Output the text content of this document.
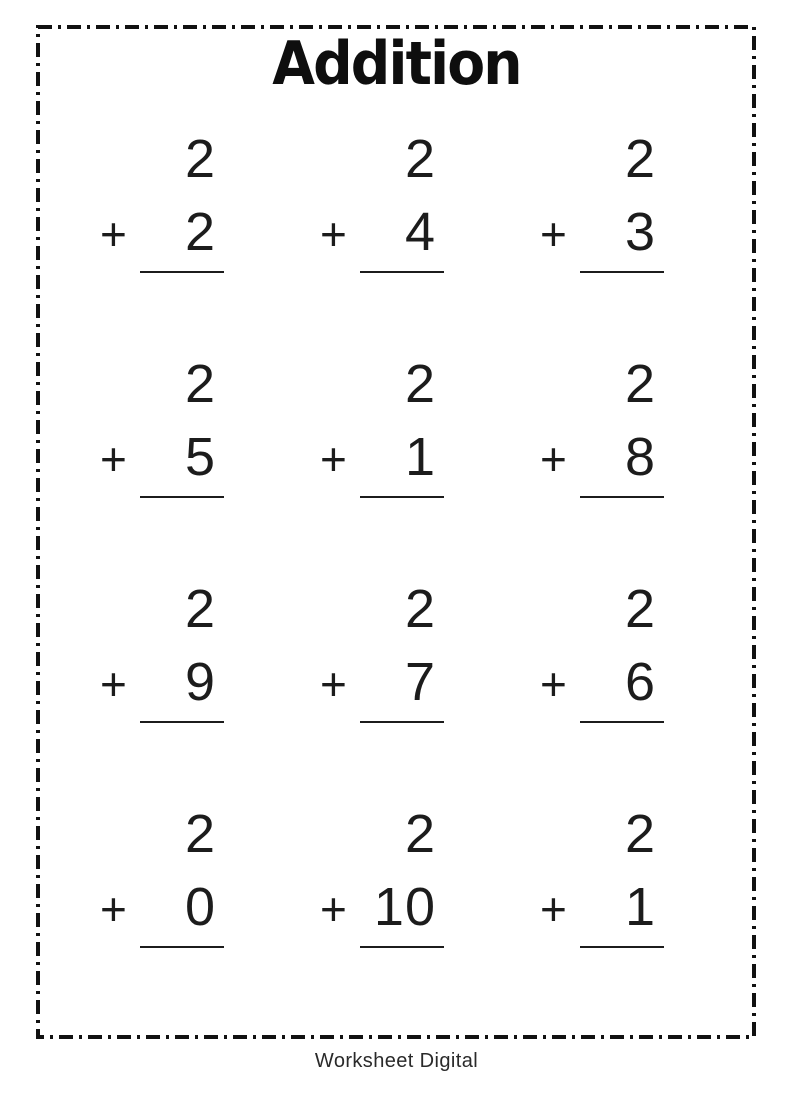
Addition
2
+ 2
2
+ 4
2
+ 3
2
+ 5
2
+ 1
2
+ 8
2
+ 9
2
+ 7
2
+ 6
2
+ 0
2
+ 10
2
+ 1
Worksheet Digital
